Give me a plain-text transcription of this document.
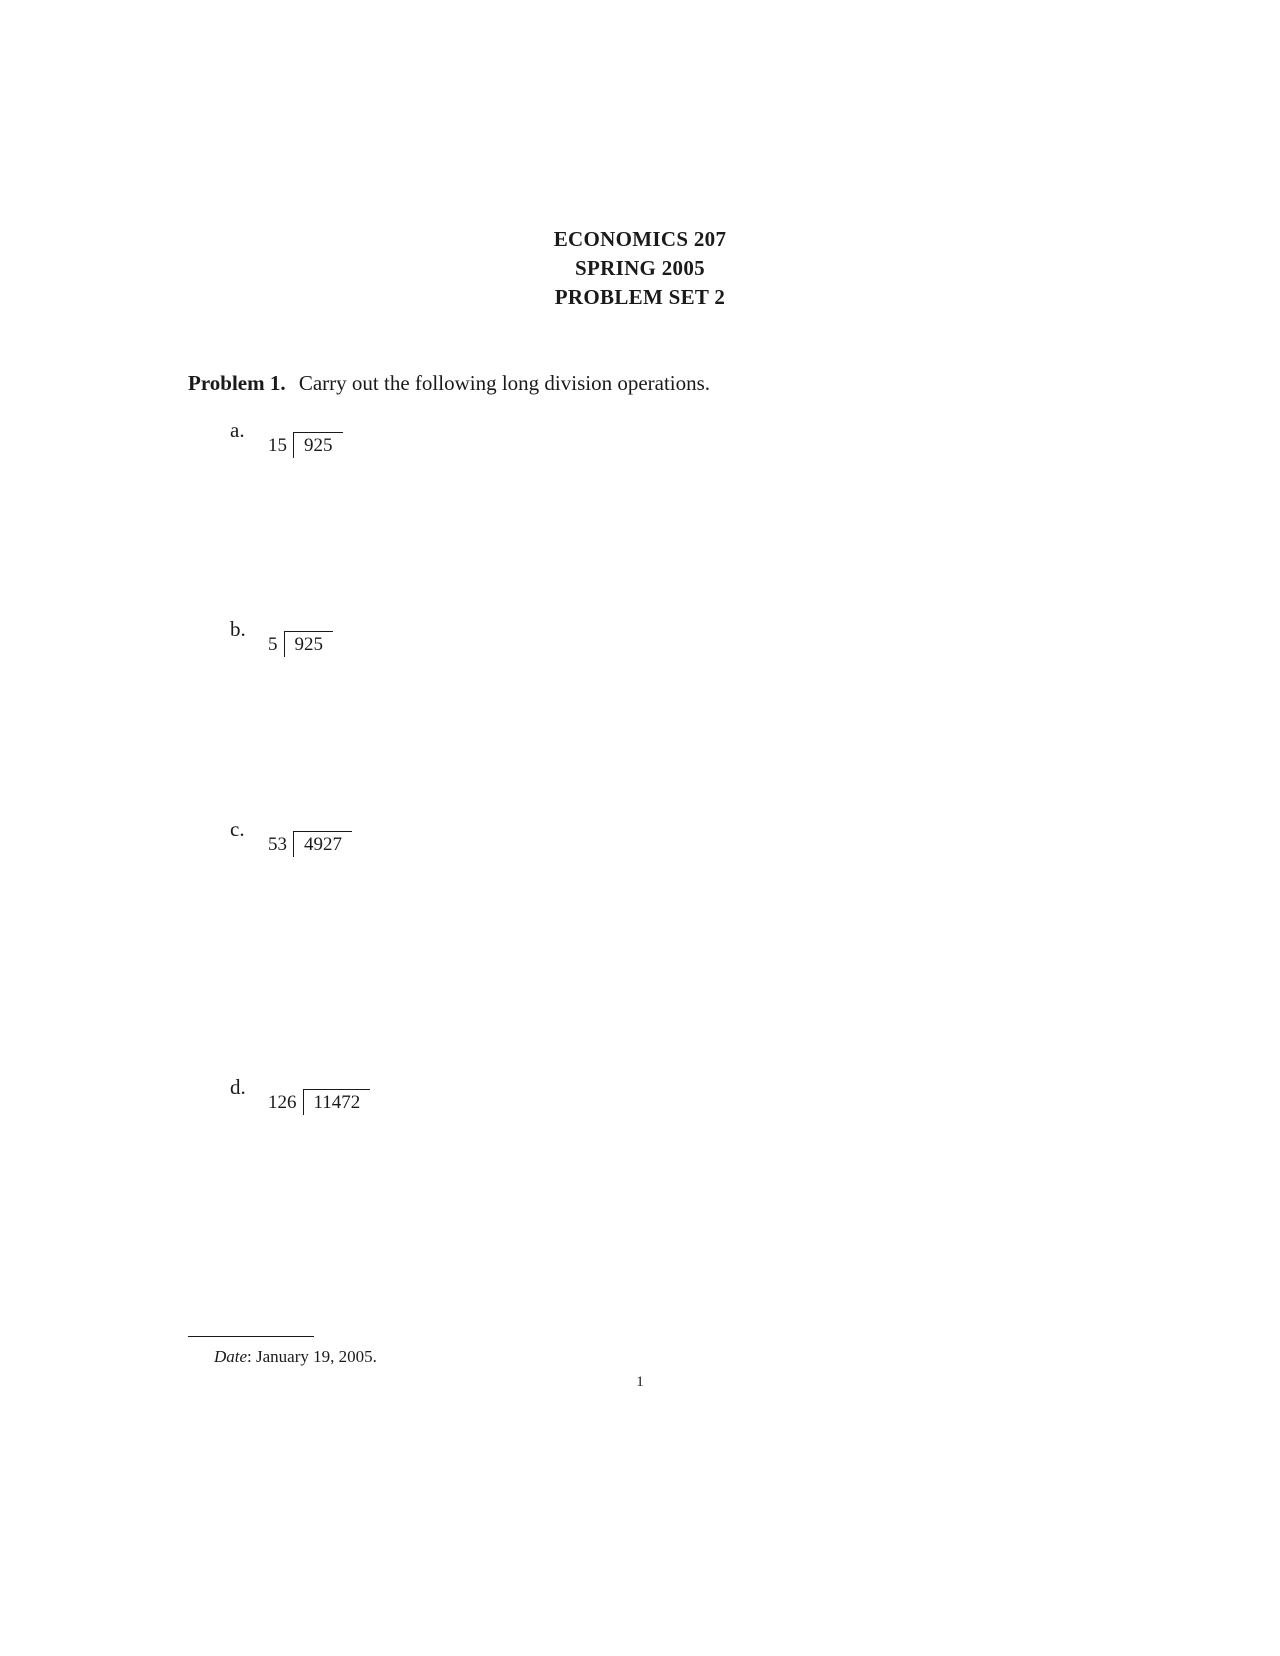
ECONOMICS 207
SPRING 2005
PROBLEM SET 2
Problem 1. Carry out the following long division operations.
a.
15 925
b.
5 925
c.
53 4927
d.
126 11472
Date: January 19, 2005.
1
